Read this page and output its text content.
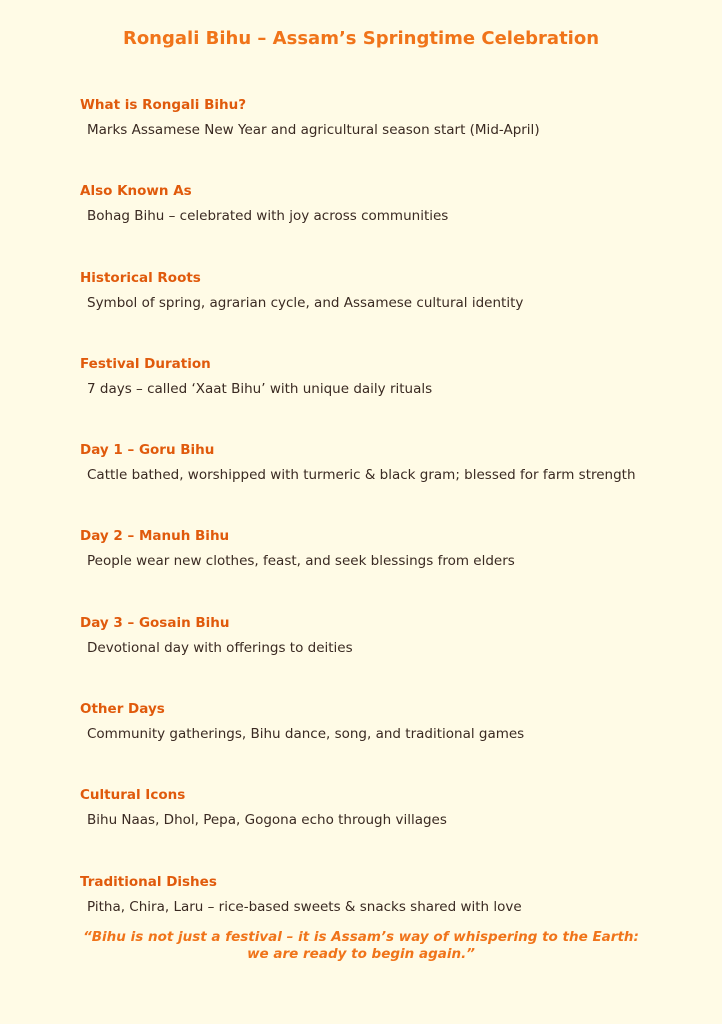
Rongali Bihu – Assam’s Springtime Celebration

What is Rongali Bihu?

Marks Assamese New Year and agricultural season start (Mid-April)

Also Known As

Bohag Bihu – celebrated with joy across communities

Historical Roots

Symbol of spring, agrarian cycle, and Assamese cultural identity

Festival Duration

7 days – called ‘Xaat Bihu’ with unique daily rituals

Day 1 – Goru Bihu

Cattle bathed, worshipped with turmeric & black gram; blessed for farm strength

Day 2 – Manuh Bihu

People wear new clothes, feast, and seek blessings from elders

Day 3 – Gosain Bihu

Devotional day with offerings to deities

Other Days

Community gatherings, Bihu dance, song, and traditional games

Cultural Icons

Bihu Naas, Dhol, Pepa, Gogona echo through villages

Traditional Dishes

Pitha, Chira, Laru – rice-based sweets & snacks shared with love

“Bihu is not just a festival – it is Assam’s way of whispering to the Earth:
we are ready to begin again.”
